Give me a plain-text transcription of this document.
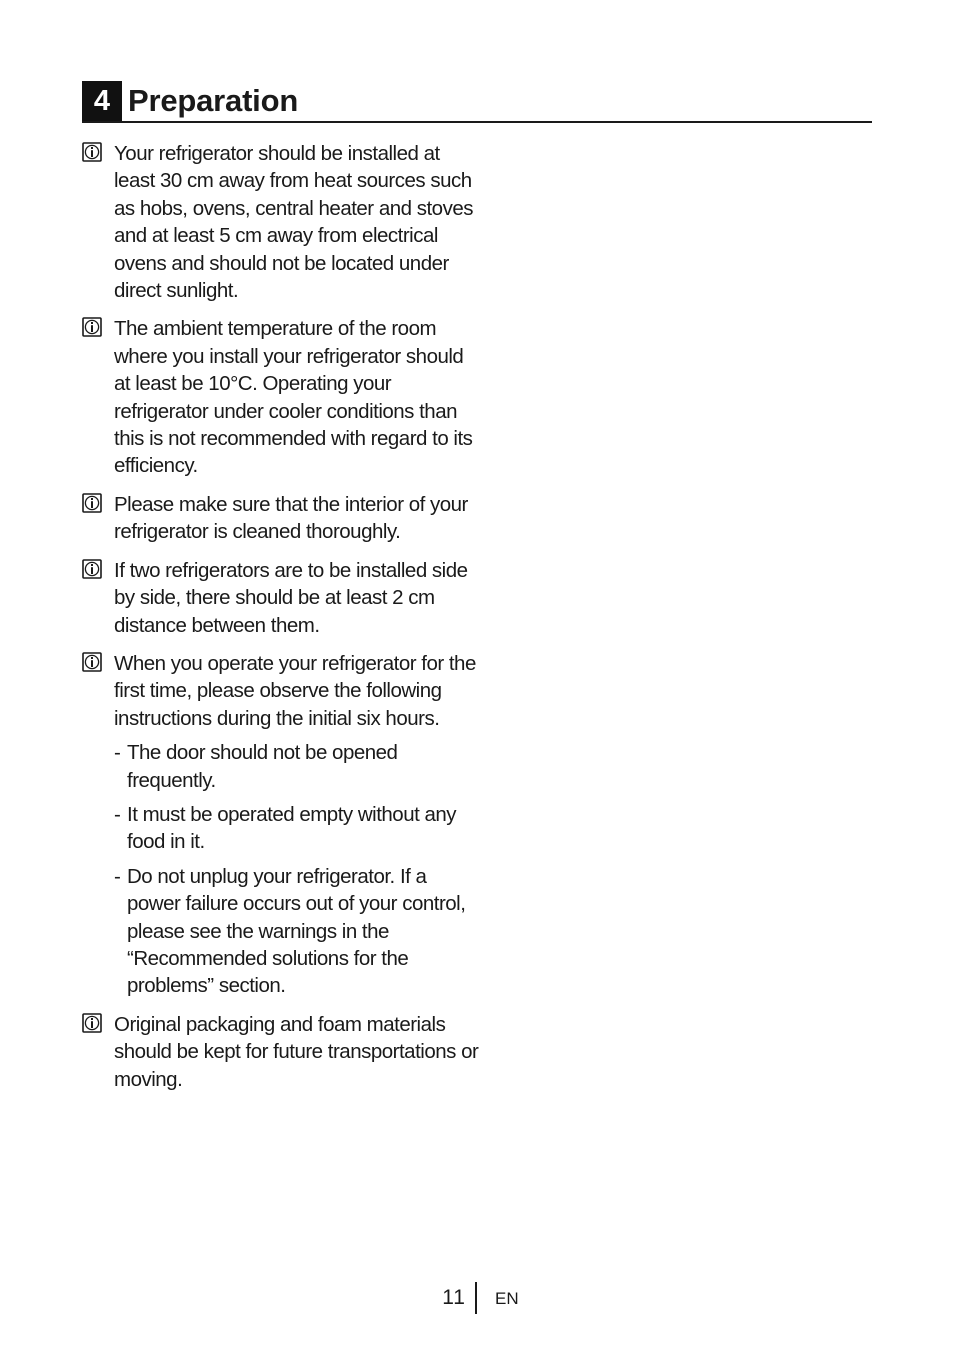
4 Preparation
Your refrigerator should be installed at least 30 cm away from heat sources such as hobs, ovens, central heater and stoves and at least 5 cm away from electrical ovens and should not be located under direct sunlight.
The ambient temperature of the room where you install your refrigerator should at least be 10°C. Operating your refrigerator under cooler conditions than this is not recommended with regard to its efficiency.
Please make sure that the interior of your refrigerator is cleaned thoroughly.
If two refrigerators are to be installed side by side, there should be at least 2 cm distance between them.
When you operate your refrigerator for the first time, please observe the following instructions during the initial six hours.
- The door should not be opened frequently.
- It must be operated empty without any food in it.
- Do not unplug your refrigerator. If a power failure occurs out of your control, please see the warnings in the “Recommended solutions for the problems” section.
Original packaging and foam materials should be kept for future transportations or moving.
11 EN
